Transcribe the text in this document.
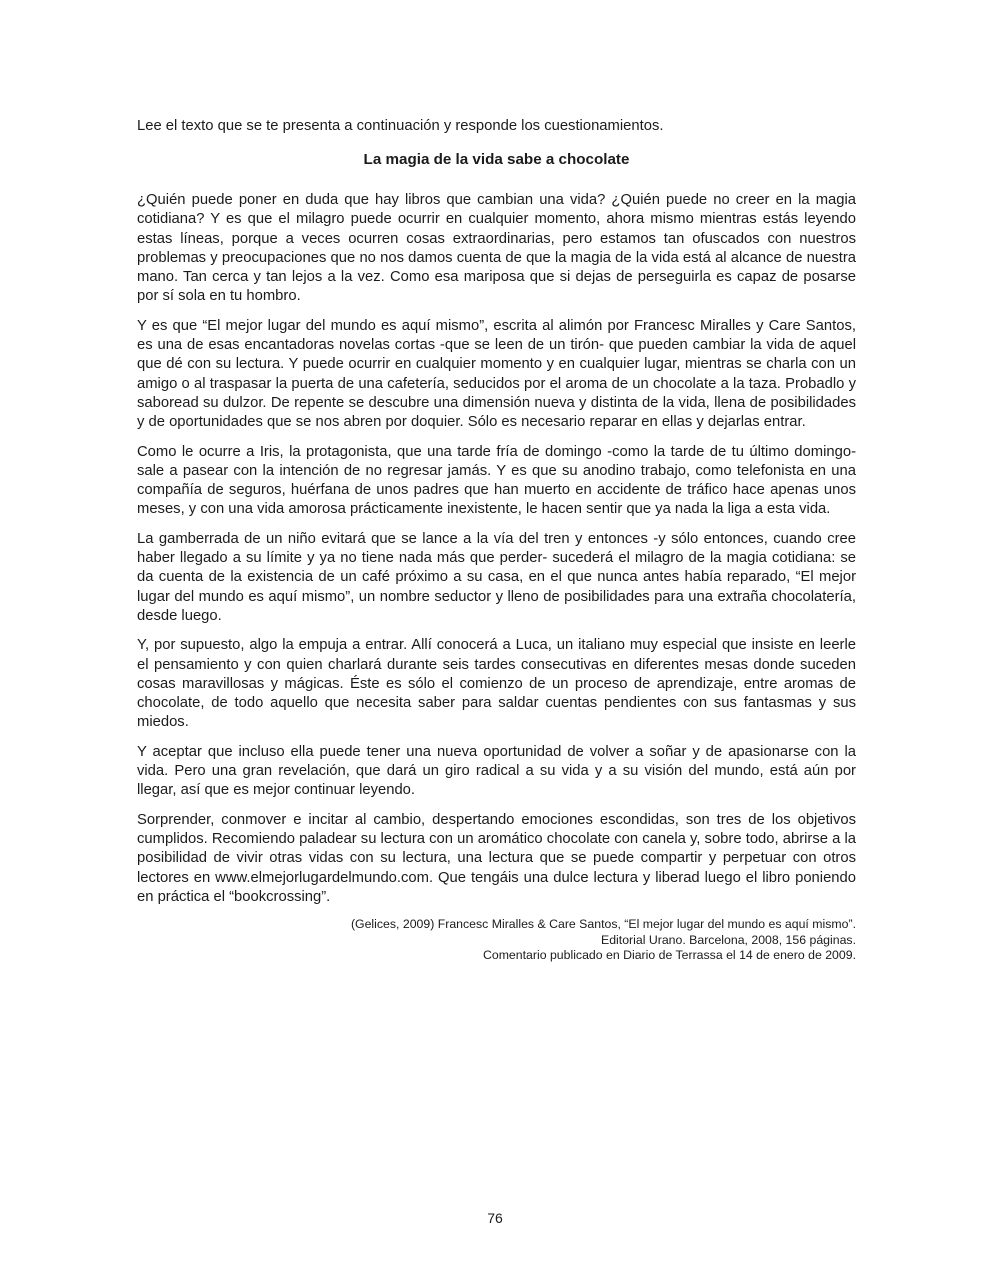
Lee el texto que se te presenta a continuación y responde los cuestionamientos.

La magia de la vida sabe a chocolate

¿Quién puede poner en duda que hay libros que cambian una vida? ¿Quién puede no creer en la magia cotidiana? Y es que el milagro puede ocurrir en cualquier momento, ahora mismo mientras estás leyendo estas líneas, porque a veces ocurren cosas extraordinarias, pero estamos tan ofuscados con nuestros problemas y preocupaciones que no nos damos cuenta de que la magia de la vida está al alcance de nuestra mano. Tan cerca y tan lejos a la vez. Como esa mariposa que si dejas de perseguirla es capaz de posarse por sí sola en tu hombro.

Y es que “El mejor lugar del mundo es aquí mismo”, escrita al alimón por Francesc Miralles y Care Santos, es una de esas encantadoras novelas cortas -que se leen de un tirón- que pueden cambiar la vida de aquel que dé con su lectura. Y puede ocurrir en cualquier momento y en cualquier lugar, mientras se charla con un amigo o al traspasar la puerta de una cafetería, seducidos por el aroma de un chocolate a la taza. Probadlo y saboread su dulzor. De repente se descubre una dimensión nueva y distinta de la vida, llena de posibilidades y de oportunidades que se nos abren por doquier. Sólo es necesario reparar en ellas y dejarlas entrar.

Como le ocurre a Iris, la protagonista, que una tarde fría de domingo -como la tarde de tu último domingo- sale a pasear con la intención de no regresar jamás. Y es que su anodino trabajo, como telefonista en una compañía de seguros, huérfana de unos padres que han muerto en accidente de tráfico hace apenas unos meses, y con una vida amorosa prácticamente inexistente, le hacen sentir que ya nada la liga a esta vida.

La gamberrada de un niño evitará que se lance a la vía del tren y entonces -y sólo entonces, cuando cree haber llegado a su límite y ya no tiene nada más que perder- sucederá el milagro de la magia cotidiana: se da cuenta de la existencia de un café próximo a su casa, en el que nunca antes había reparado, “El mejor lugar del mundo es aquí mismo”, un nombre seductor y lleno de posibilidades para una extraña chocolatería, desde luego.

Y, por supuesto, algo la empuja a entrar. Allí conocerá a Luca, un italiano muy especial que insiste en leerle el pensamiento y con quien charlará durante seis tardes consecutivas en diferentes mesas donde suceden cosas maravillosas y mágicas. Éste es sólo el comienzo de un proceso de aprendizaje, entre aromas de chocolate, de todo aquello que necesita saber para saldar cuentas pendientes con sus fantasmas y sus miedos.

Y aceptar que incluso ella puede tener una nueva oportunidad de volver a soñar y de apasionarse con la vida. Pero una gran revelación, que dará un giro radical a su vida y a su visión del mundo, está aún por llegar, así que es mejor continuar leyendo.

Sorprender, conmover e incitar al cambio, despertando emociones escondidas, son tres de los objetivos cumplidos. Recomiendo paladear su lectura con un aromático chocolate con canela y, sobre todo, abrirse a la posibilidad de vivir otras vidas con su lectura, una lectura que se puede compartir y perpetuar con otros lectores en www.elmejorlugardelmundo.com. Que tengáis una dulce lectura y liberad luego el libro poniendo en práctica el “bookcrossing”.

(Gelices, 2009) Francesc Miralles & Care Santos, “El mejor lugar del mundo es aquí mismo”.
Editorial Urano. Barcelona, 2008, 156 páginas.
Comentario publicado en Diario de Terrassa el 14 de enero de 2009.
76
